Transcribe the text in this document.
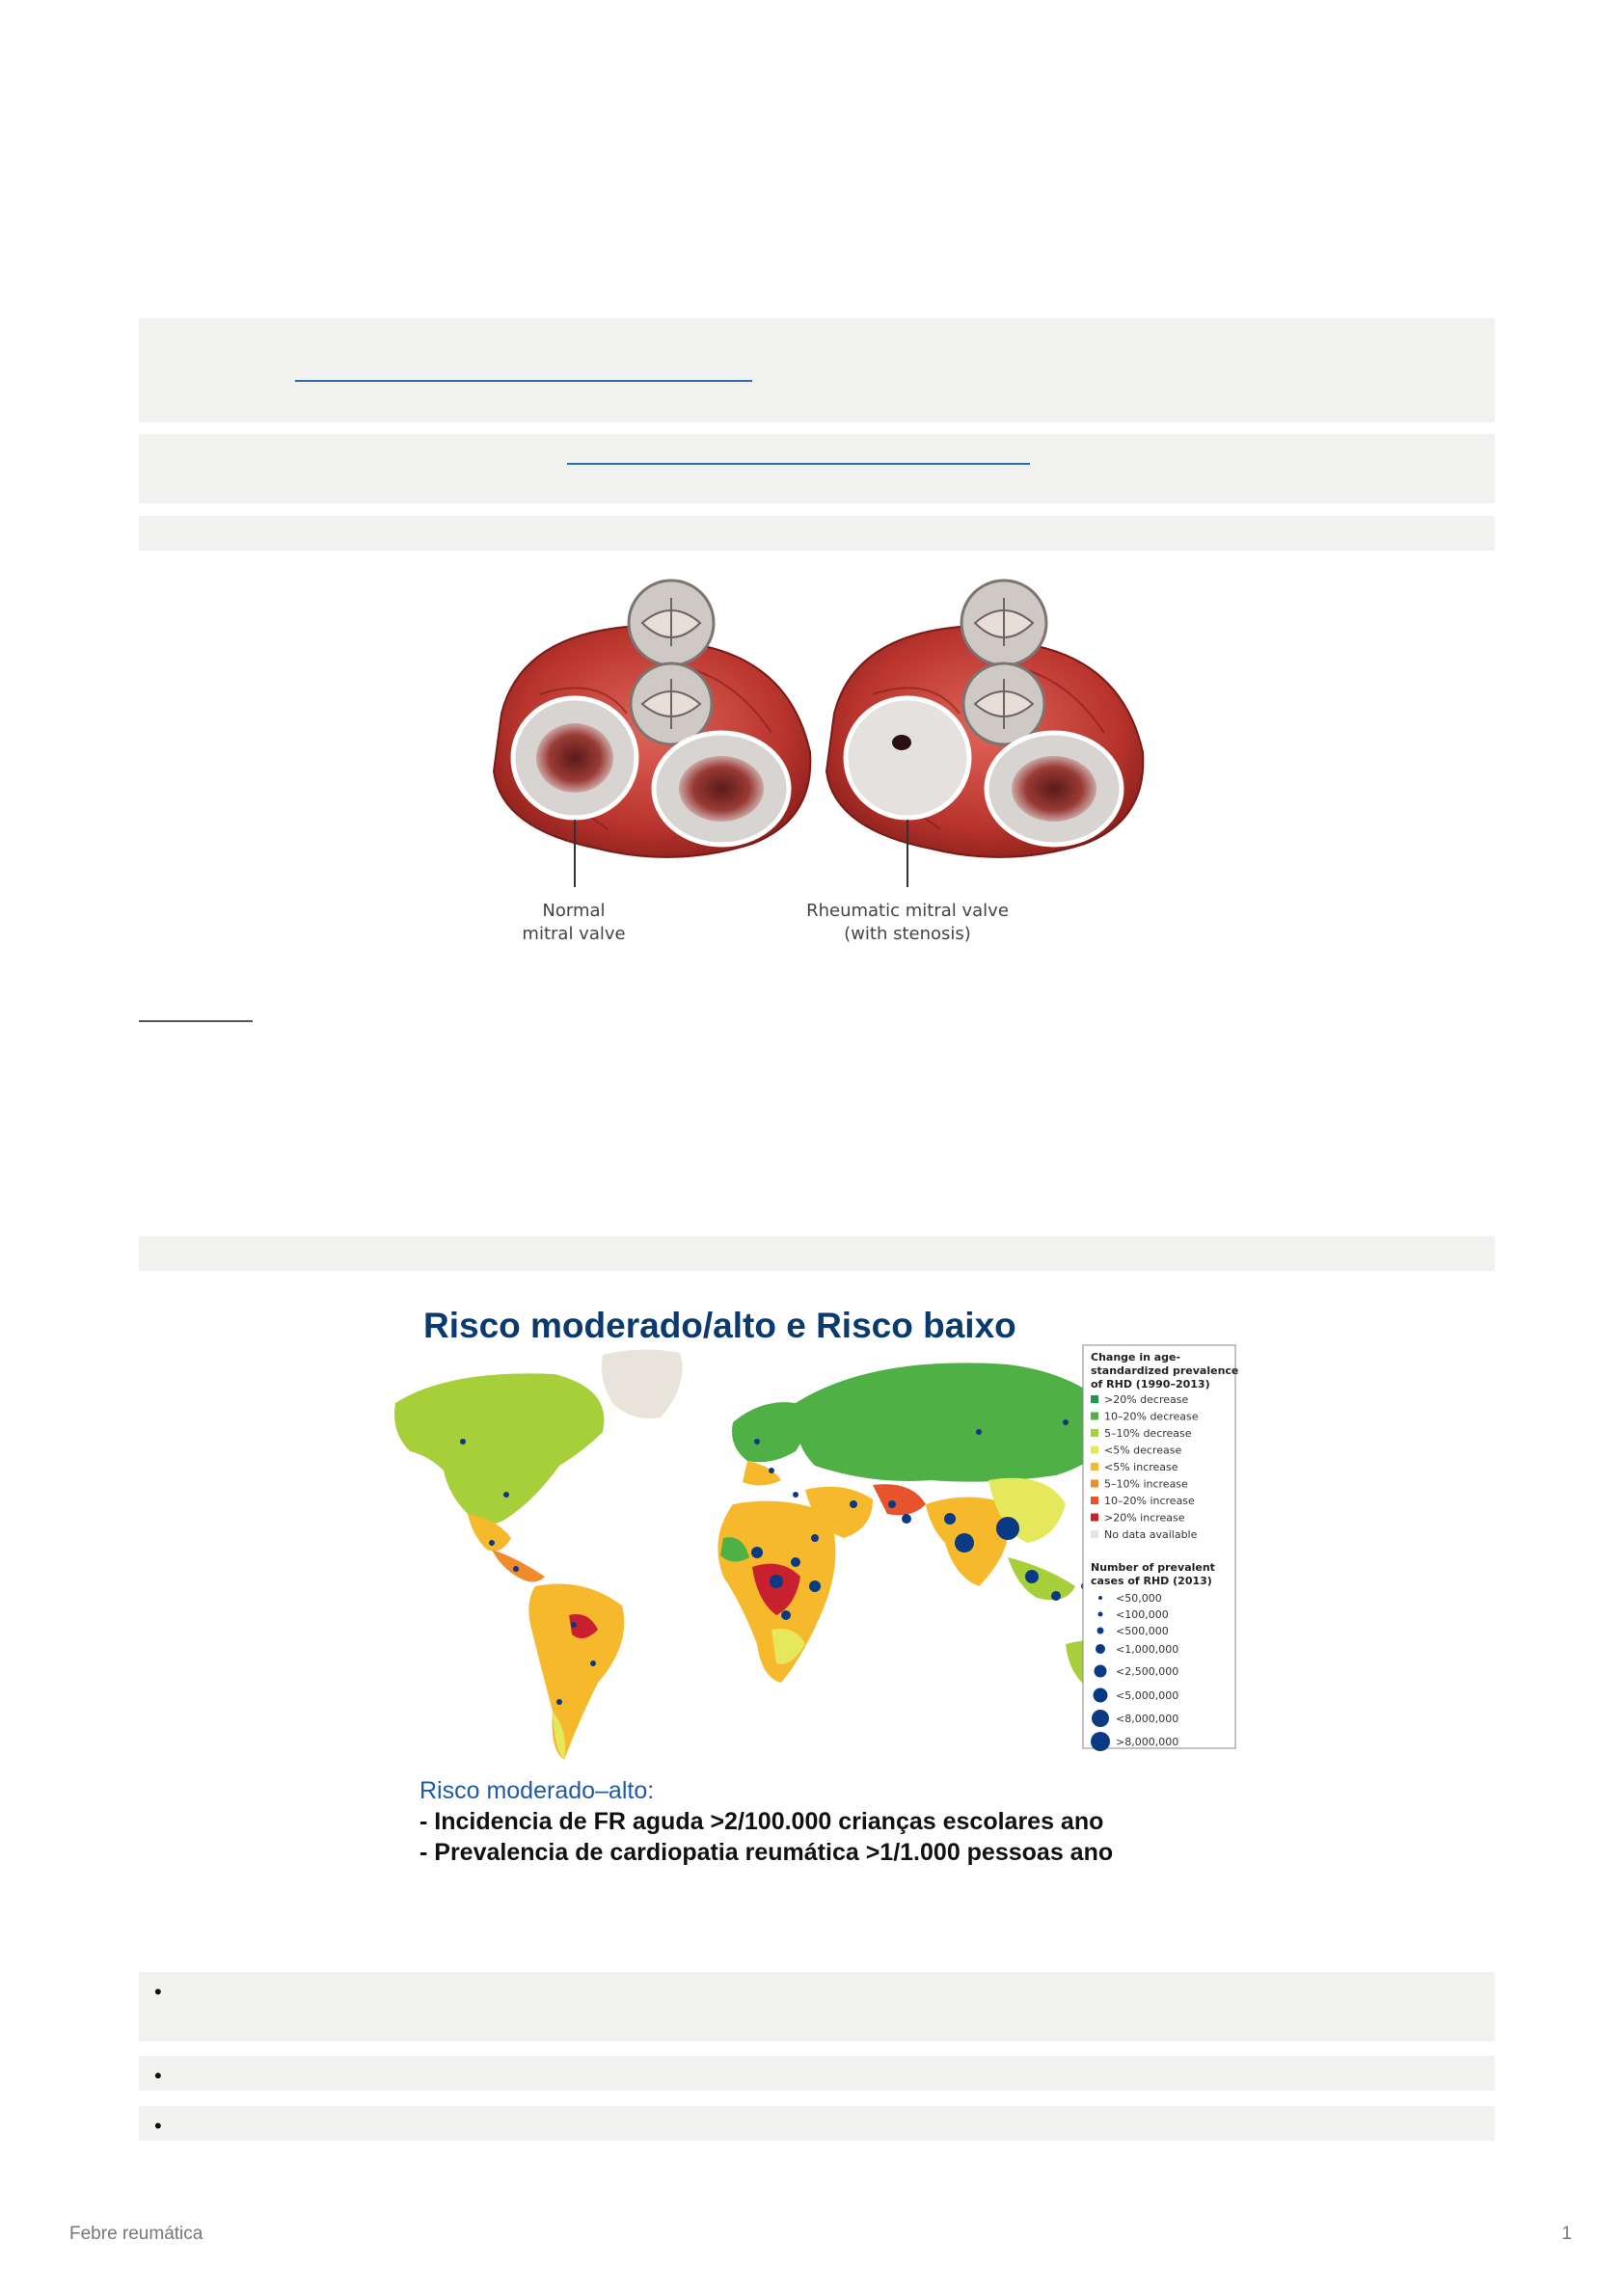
Normal
mitral valve
Rheumatic mitral valve
(with stenosis)
Risco moderado/alto e Risco baixo
Change in age-
standardized prevalence
of RHD (1990–2013)
>20% decrease
10–20% decrease
5–10% decrease
<5% decrease
<5% increase
5–10% increase
10–20% increase
>20% increase
No data available
Number of prevalent
cases of RHD (2013)
<50,000
<100,000
<500,000
<1,000,000
<2,500,000
<5,000,000
<8,000,000
>8,000,000
Risco moderado–alto:
- Incidencia de FR aguda >2/100.000 crianças escolares ano
- Prevalencia de cardiopatia reumática >1/1.000 pessoas ano
•
•
•
Febre reumática	1
